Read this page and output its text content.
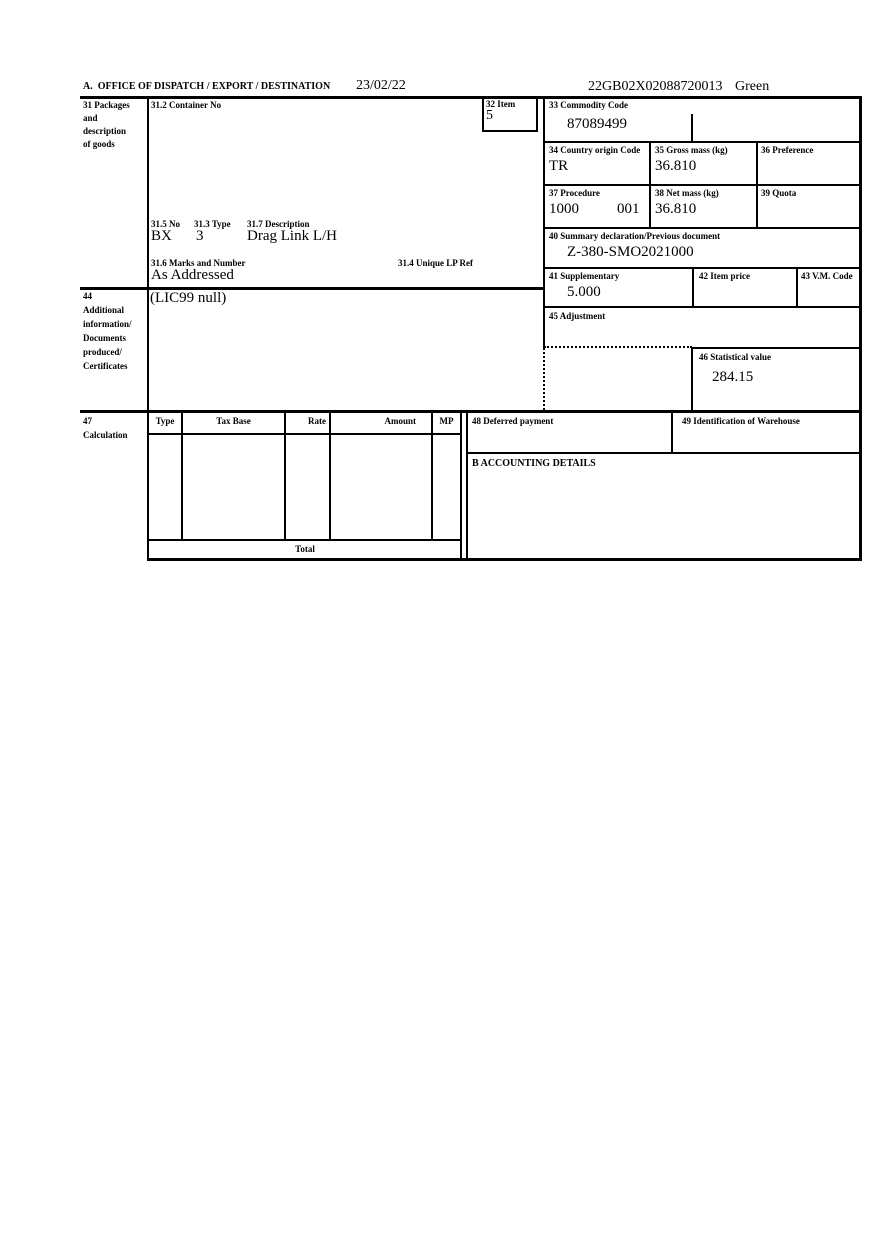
A.  OFFICE OF DISPATCH / EXPORT / DESTINATION 23/02/22	22GB02X02088720013 Green
31 Packages
and
description
of goods
31.2 Container No	32 Item
5
31.5 No 31.3 Type 31.7 Description
BX 3	Drag Link L/H
31.6 Marks and Number	31.4 Unique LP Ref
As Addressed
33 Commodity Code
87089499
34 Country origin Code
TR
35 Gross mass (kg)
36.810
36 Preference
37 Procedure
1000	001
38 Net mass (kg)
36.810
39 Quota
40 Summary declaration/Previous document
Z-380-SMO2021000
41 Supplementary
5.000
42 Item price	43 V.M. Code
44
Additional
information/
Documents
produced/
Certificates
(LIC99 null)
45 Adjustment
46 Statistical value
284.15
47
Calculation
Type	Tax Base	Rate	Amount	MP
Total
48 Deferred payment	49 Identification of Warehouse
B ACCOUNTING DETAILS
